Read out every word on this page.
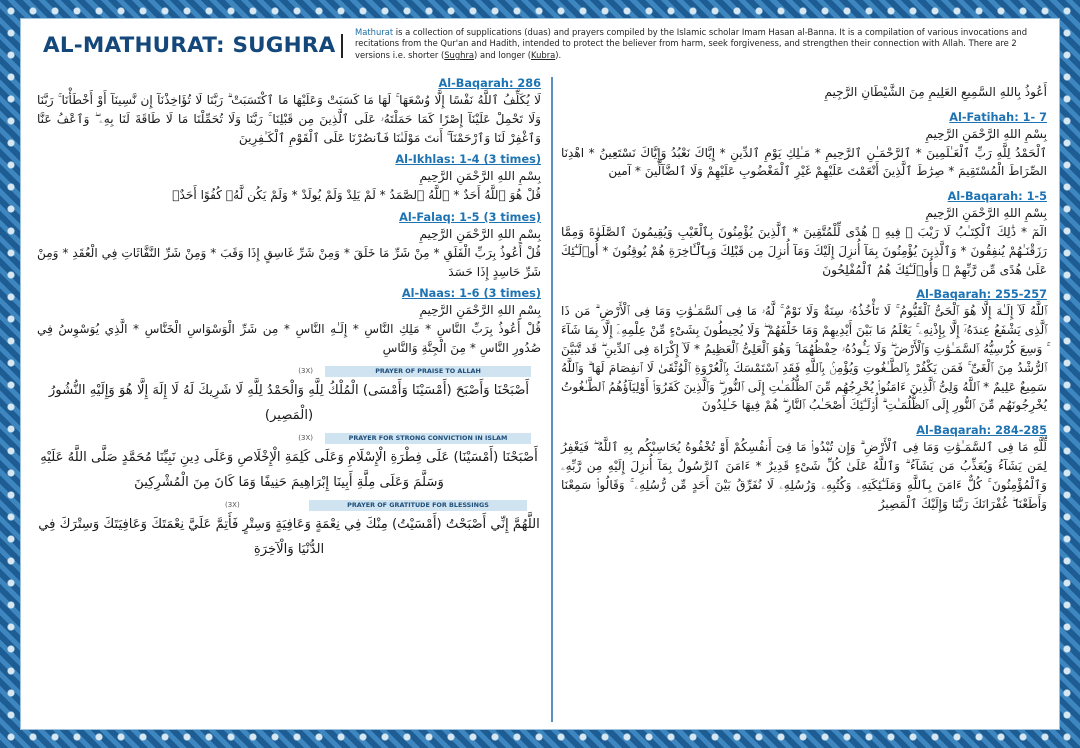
AL-MATHURAT: SUGHRA
Mathurat is a collection of supplications (duas) and prayers compiled by the Islamic scholar Imam Hasan al-Banna. It is a compilation of various invocations and recitations from the Qur'an and Hadith, intended to protect the believer from harm, seek forgiveness, and strengthen their connection with Allah. There are 2 versions i.e. shorter (Sughra) and longer (Kubra).
أَعُوذُ بِاللهِ السَّمِيعِ العَلِيمِ مِنَ الشَّيْطَانِ الرَّجِيمِ
Al-Fatihah: 1- 7
بِسْمِ اللهِ الرَّحْمَنِ الرَّحِيمِ
ٱلْحَمْدُ لِلَّهِ رَبِّ ٱلْعَـٰلَمِينَ * ٱلرَّحْمَـٰنِ ٱلرَّحِيمِ * مَـٰلِكِ يَوْمِ ٱلدِّينِ * إِيَّاكَ نَعْبُدُ وَإِيَّاكَ نَسْتَعِينُ * اهْدِنَا الصِّرَاطَ الْمُسْتَقِيمَ * صِرَٰطَ ٱلَّذِينَ أَنْعَمْتَ عَلَيْهِمْ غَيْرِ ٱلْمَغْضُوبِ عَلَيْهِمْ وَلَا ٱلضَّآلِّينَ * آمين
Al-Baqarah: 1-5
بِسْمِ اللهِ الرَّحْمَنِ الرَّحِيمِ
الٓمٓ * ذَٰلِكَ ٱلْكِتَـٰبُ لَا رَيْبَ ۛ فِيهِ ۛ هُدًى لِّلْمُتَّقِينَ * ٱلَّذِينَ يُؤْمِنُونَ بِٱلْغَيْبِ وَيُقِيمُونَ ٱلصَّلَوٰةَ وَمِمَّا رَزَقْنَـٰهُمْ يُنفِقُونَ * وَٱلَّذِينَ يُؤْمِنُونَ بِمَآ أُنزِلَ إِلَيْكَ وَمَآ أُنزِلَ مِن قَبْلِكَ وَبِٱلْـَٔاخِرَةِ هُمْ يُوقِنُونَ * أُو۟لَـٰٓئِكَ عَلَىٰ هُدًى مِّن رَّبِّهِمْ ۖ وَأُو۟لَـٰٓئِكَ هُمُ ٱلْمُفْلِحُونَ
Al-Baqarah: 255-257
ٱللَّهُ لَآ إِلَـٰهَ إِلَّا هُوَ ٱلْحَىُّ ٱلْقَيُّومُ ۚ لَا تَأْخُذُهُۥ سِنَةٌ وَلَا نَوْمٌ ۚ لَّهُۥ مَا فِى ٱلسَّمَـٰوَٰتِ وَمَا فِى ٱلْأَرْضِ ۗ مَن ذَا ٱلَّذِى يَشْفَعُ عِندَهُۥٓ إِلَّا بِإِذْنِهِۦ ۚ يَعْلَمُ مَا بَيْنَ أَيْدِيهِمْ وَمَا خَلْفَهُمْ ۖ وَلَا يُحِيطُونَ بِشَىْءٍ مِّنْ عِلْمِهِۦٓ إِلَّا بِمَا شَآءَ ۚ وَسِعَ كُرْسِيُّهُ ٱلسَّمَـٰوَٰتِ وَٱلْأَرْضَ ۖ وَلَا يَـُٔودُهُۥ حِفْظُهُمَا ۚ وَهُوَ ٱلْعَلِىُّ ٱلْعَظِيمُ * لَآ إِكْرَاهَ فِى ٱلدِّينِ ۖ قَد تَّبَيَّنَ ٱلرُّشْدُ مِنَ ٱلْغَىِّ ۚ فَمَن يَكْفُرْ بِٱلطَّـٰغُوتِ وَيُؤْمِنۢ بِٱللَّهِ فَقَدِ ٱسْتَمْسَكَ بِٱلْعُرْوَةِ ٱلْوُثْقَىٰ لَا ٱنفِصَامَ لَهَا ۗ وَٱللَّهُ سَمِيعٌ عَلِيمٌ * ٱللَّهُ وَلِىُّ ٱلَّذِينَ ءَامَنُوا۟ يُخْرِجُهُم مِّنَ ٱلظُّلُمَـٰتِ إِلَى ٱلنُّورِ ۖ وَٱلَّذِينَ كَفَرُوٓا۟ أَوْلِيَآؤُهُمُ ٱلطَّـٰغُوتُ يُخْرِجُونَهُم مِّنَ ٱلنُّورِ إِلَى ٱلظُّلُمَـٰتِ ۗ أُو۟لَـٰٓئِكَ أَصْحَـٰبُ ٱلنَّارِ ۖ هُمْ فِيهَا خَـٰلِدُونَ
Al-Baqarah: 284-285
لِّلَّهِ مَا فِى ٱلسَّمَـٰوَٰتِ وَمَا فِى ٱلْأَرْضِ ۗ وَإِن تُبْدُوا۟ مَا فِىٓ أَنفُسِكُمْ أَوْ تُخْفُوهُ يُحَاسِبْكُم بِهِ ٱللَّهُ ۖ فَيَغْفِرُ لِمَن يَشَآءُ وَيُعَذِّبُ مَن يَشَآءُ ۗ وَٱللَّهُ عَلَىٰ كُلِّ شَىْءٍ قَدِيرٌ * ءَامَنَ ٱلرَّسُولُ بِمَآ أُنزِلَ إِلَيْهِ مِن رَّبِّهِۦ وَٱلْمُؤْمِنُونَ ۚ كُلٌّ ءَامَنَ بِٱللَّهِ وَمَلَـٰٓئِكَتِهِۦ وَكُتُبِهِۦ وَرُسُلِهِۦ لَا نُفَرِّقُ بَيْنَ أَحَدٍ مِّن رُّسُلِهِۦ ۚ وَقَالُوا۟ سَمِعْنَا وَأَطَعْنَا ۖ غُفْرَانَكَ رَبَّنَا وَإِلَيْكَ ٱلْمَصِيرُ
Al-Baqarah: 286
لَا يُكَلِّفُ ٱللَّهُ نَفْسًا إِلَّا وُسْعَهَا ۚ لَهَا مَا كَسَبَتْ وَعَلَيْهَا مَا ٱكْتَسَبَتْ ۗ رَبَّنَا لَا تُؤَاخِذْنَآ إِن نَّسِينَآ أَوْ أَخْطَأْنَا ۚ رَبَّنَا وَلَا تَحْمِلْ عَلَيْنَآ إِصْرًا كَمَا حَمَلْتَهُۥ عَلَى ٱلَّذِينَ مِن قَبْلِنَا ۚ رَبَّنَا وَلَا تُحَمِّلْنَا مَا لَا طَاقَةَ لَنَا بِهِۦ ۖ وَٱعْفُ عَنَّا وَٱغْفِرْ لَنَا وَٱرْحَمْنَآ ۚ أَنتَ مَوْلَىٰنَا فَٱنصُرْنَا عَلَى ٱلْقَوْمِ ٱلْكَـٰفِرِينَ
Al-Ikhlas: 1-4 (3 times)
بِسْمِ اللهِ الرَّحْمَنِ الرَّحِيمِ
قُلْ هُوَ ٱللَّهُ أَحَدٌ * ٱللَّهُ ٱلصَّمَدُ * لَمْ يَلِدْ وَلَمْ يُولَدْ * وَلَمْ يَكُن لَّهُۥ كُفُوًا أَحَدٌۢ
Al-Falaq: 1-5 (3 times)
بِسْمِ اللهِ الرَّحْمَنِ الرَّحِيمِ
قُلْ أَعُوذُ بِرَبِّ الْفَلَقِ * مِنْ شَرِّ مَا خَلَقَ * وَمِنْ شَرِّ غَاسِقٍ إِذَا وَقَبَ * وَمِنْ شَرِّ النَّفَّاثَاتِ فِي الْعُقَدِ * وَمِنْ شَرِّ حَاسِدٍ إِذَا حَسَدَ
Al-Naas: 1-6 (3 times)
بِسْمِ اللهِ الرَّحْمَنِ الرَّحِيمِ
قُلْ أَعُوذُ بِرَبِّ النَّاسِ * مَلِكِ النَّاسِ * إِلَـٰهِ النَّاسِ * مِن شَرِّ الْوَسْوَاسِ الْخَنَّاسِ * الَّذِي يُوَسْوِسُ فِي صُدُورِ النَّاسِ * مِنَ الْجِنَّةِ وَالنَّاسِ
(3X)	PRAYER OF PRAISE TO ALLAH
أَصْبَحْنَا وَأَصْبَحَ (أَمْسَيْنَا وَأَمْسَى) الْمُلْكُ لِلَّهِ وَالْحَمْدُ لِلَّهِ لَا شَرِيكَ لَهُ لَا إِلَهَ إِلَّا هُوَ وَإِلَيْهِ النُّشُورُ (الْمَصِير)
(3X)	PRAYER FOR STRONG CONVICTION IN ISLAM
أَصْبَحْنَا (أَمْسَيْنَا) عَلَى فِطْرَةِ الْإِسْلَامِ وَعَلَى كَلِمَةِ الْإِخْلَاصِ وَعَلَى دِينِ نَبِيِّنَا مُحَمَّدٍ صَلَّى اللَّهُ عَلَيْهِ وَسَلَّمَ وَعَلَى مِلَّةِ أَبِينَا إِبْرَاهِيمَ حَنِيفًا وَمَا كَانَ مِنَ الْمُشْرِكِينَ
(3X)	PRAYER OF GRATITUDE FOR BLESSINGS
اللَّهُمَّ إِنِّي أَصْبَحْتُ (أَمْسَيْتُ) مِنْكَ فِي نِعْمَةٍ وَعَافِيَةٍ وَسِتْرٍ فَأَتِمَّ عَلَيَّ نِعْمَتَكَ وَعَافِيَتَكَ وَسِتْرَكَ فِي الدُّنْيَا وَالْآخِرَةِ
